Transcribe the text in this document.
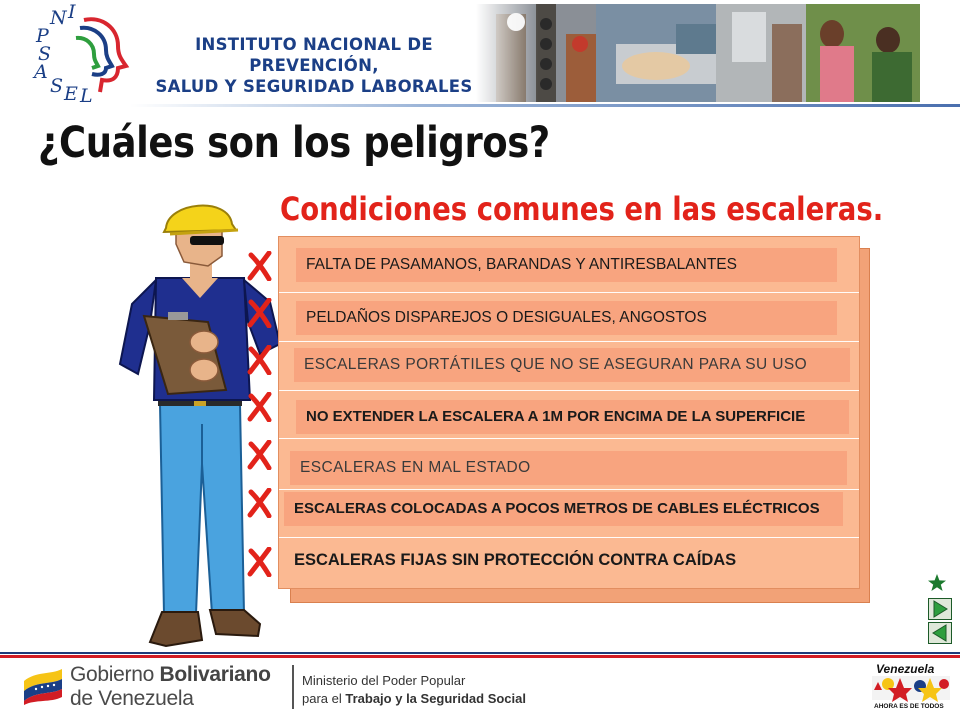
N I
P
S
A
S E L
INSTITUTO NACIONAL DE PREVENCIÓN,
SALUD Y SEGURIDAD LABORALES
¿Cuáles son los peligros?
Condiciones comunes en las escaleras.
FALTA DE PASAMANOS, BARANDAS Y ANTIRESBALANTES
PELDAÑOS DISPAREJOS O DESIGUALES, ANGOSTOS
ESCALERAS PORTÁTILES QUE NO SE ASEGURAN PARA SU USO
NO EXTENDER LA ESCALERA A 1M POR ENCIMA DE LA SUPERFICIE
ESCALERAS EN MAL ESTADO
ESCALERAS COLOCADAS A POCOS METROS DE CABLES ELÉCTRICOS
ESCALERAS FIJAS SIN PROTECCIÓN CONTRA CAÍDAS
Gobierno Bolivariano
de Venezuela
Ministerio del Poder Popular
para el Trabajo y la Seguridad Social
Venezuela
AHORA ES DE TODOS
